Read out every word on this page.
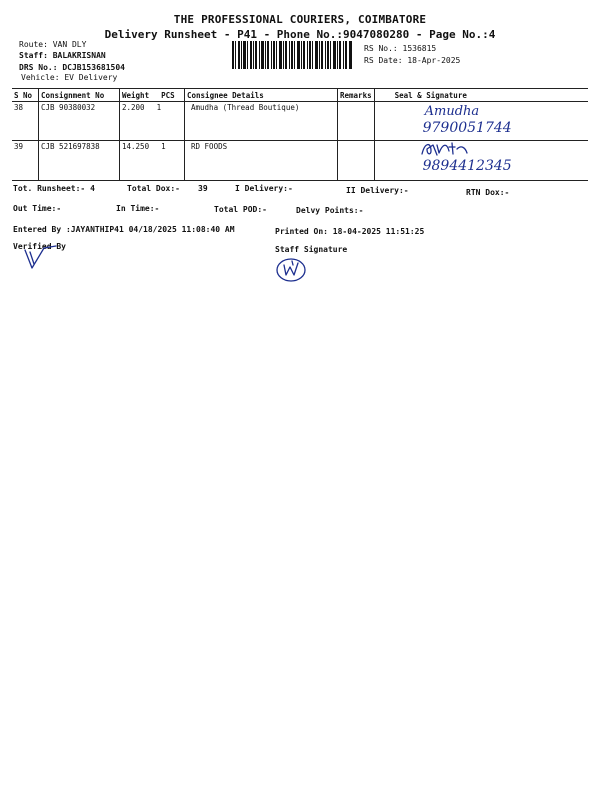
THE PROFESSIONAL COURIERS, COIMBATORE
Delivery Runsheet - P41 - Phone No.:9047080280 - Page No.:4
Route: VAN DLY
Staff: BALAKRISNAN
DRS No.: DCJB153681504
Vehicle: EV Delivery
RS No.: 1536815
RS Date: 18-Apr-2025
S No	Consignment No	Weight PCS	Consignee Details	Remarks	Seal & Signature
38	CJB 90380032	2.200 1	Amudha (Thread Boutique)		Amudha
9790051744

39	CJB 521697838	14.250 1	RD FOODS		9894412345
Tot. Runsheet:- 4	Total Dox:- 39	I Delivery:-	II Delivery:-	RTN Dox:-
Out Time:-	In Time:-	Total POD:-	Delvy Points:-
Entered By :JAYANTHIP41 04/18/2025 11:08:40 AM	Printed On: 18-04-2025 11:51:25
Verified By	Staff Signature
